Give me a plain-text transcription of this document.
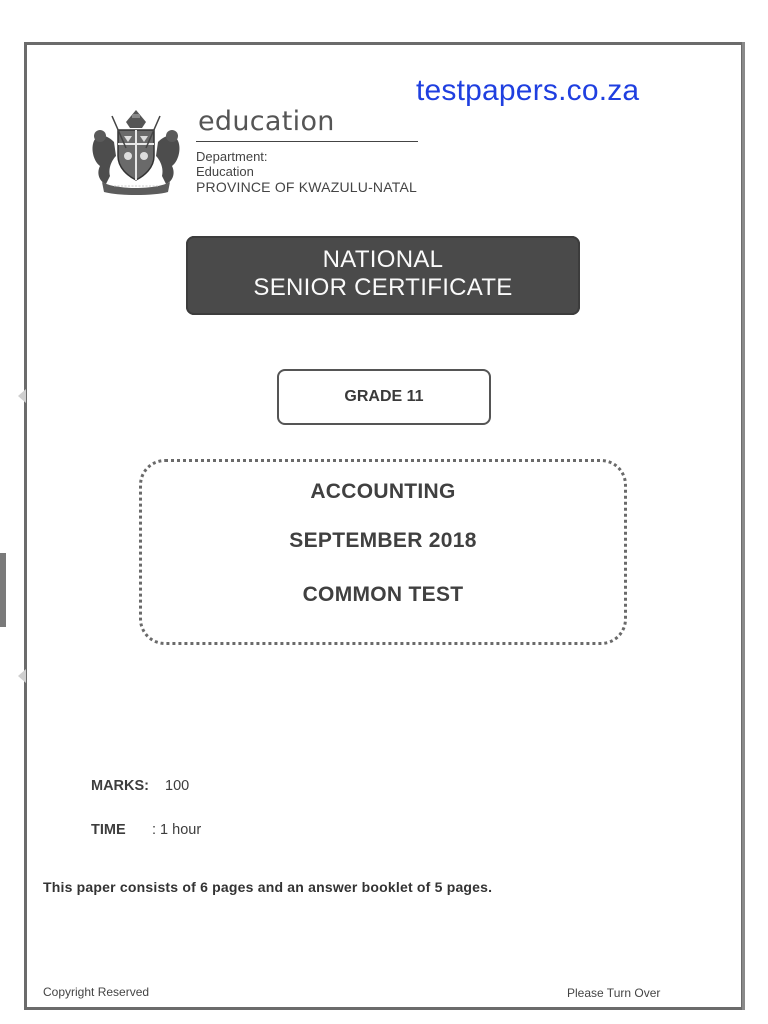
testpapers.co.za
education
Department:
Education
PROVINCE OF KWAZULU-NATAL
NATIONAL
SENIOR CERTIFICATE
GRADE 11
ACCOUNTING
SEPTEMBER 2018
COMMON TEST
MARKS: 100
TIME : 1 hour
This paper consists of 6 pages and an answer booklet of 5 pages.
Copyright Reserved	Please Turn Over
